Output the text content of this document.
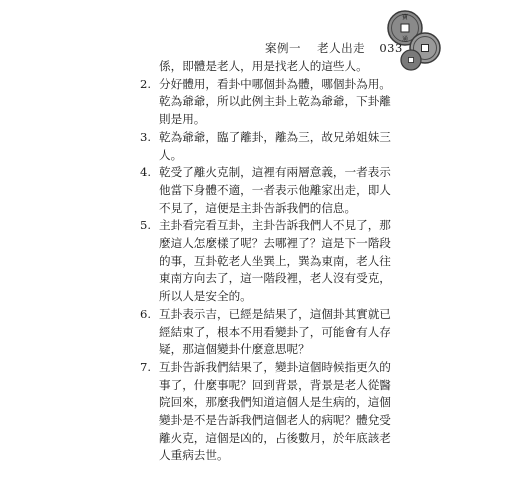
寶
通
案例一 老人出走 033

係，即體是老人，用是找老人的這些人。

2. 分好體用，看卦中哪個卦為體，哪個卦為用。乾為爺爺，所以此例主卦上乾為爺爺，下卦離則是用。
3. 乾為爺爺，臨了離卦，離為三，故兄弟姐妹三人。
4. 乾受了離火克制，這裡有兩層意義，一者表示他當下身體不適，一者表示他離家出走，即人不見了，這便是主卦告訴我們的信息。
5. 主卦看完看互卦，主卦告訴我們人不見了，那麼這人怎麼樣了呢？去哪裡了？這是下一階段的事，互卦乾老人坐巽上，巽為東南，老人往東南方向去了，這一階段裡，老人沒有受克，所以人是安全的。
6. 互卦表示吉，已經是結果了，這個卦其實就已經結束了，根本不用看變卦了，可能會有人存疑，那這個變卦什麼意思呢？
7. 互卦告訴我們結果了，變卦這個時候指更久的事了，什麼事呢？回到背景，背景是老人從醫院回來，那麼我們知道這個人是生病的，這個變卦是不是告訴我們這個老人的病呢？體兌受離火克，這個是凶的，占後數月，於年底該老人重病去世。
